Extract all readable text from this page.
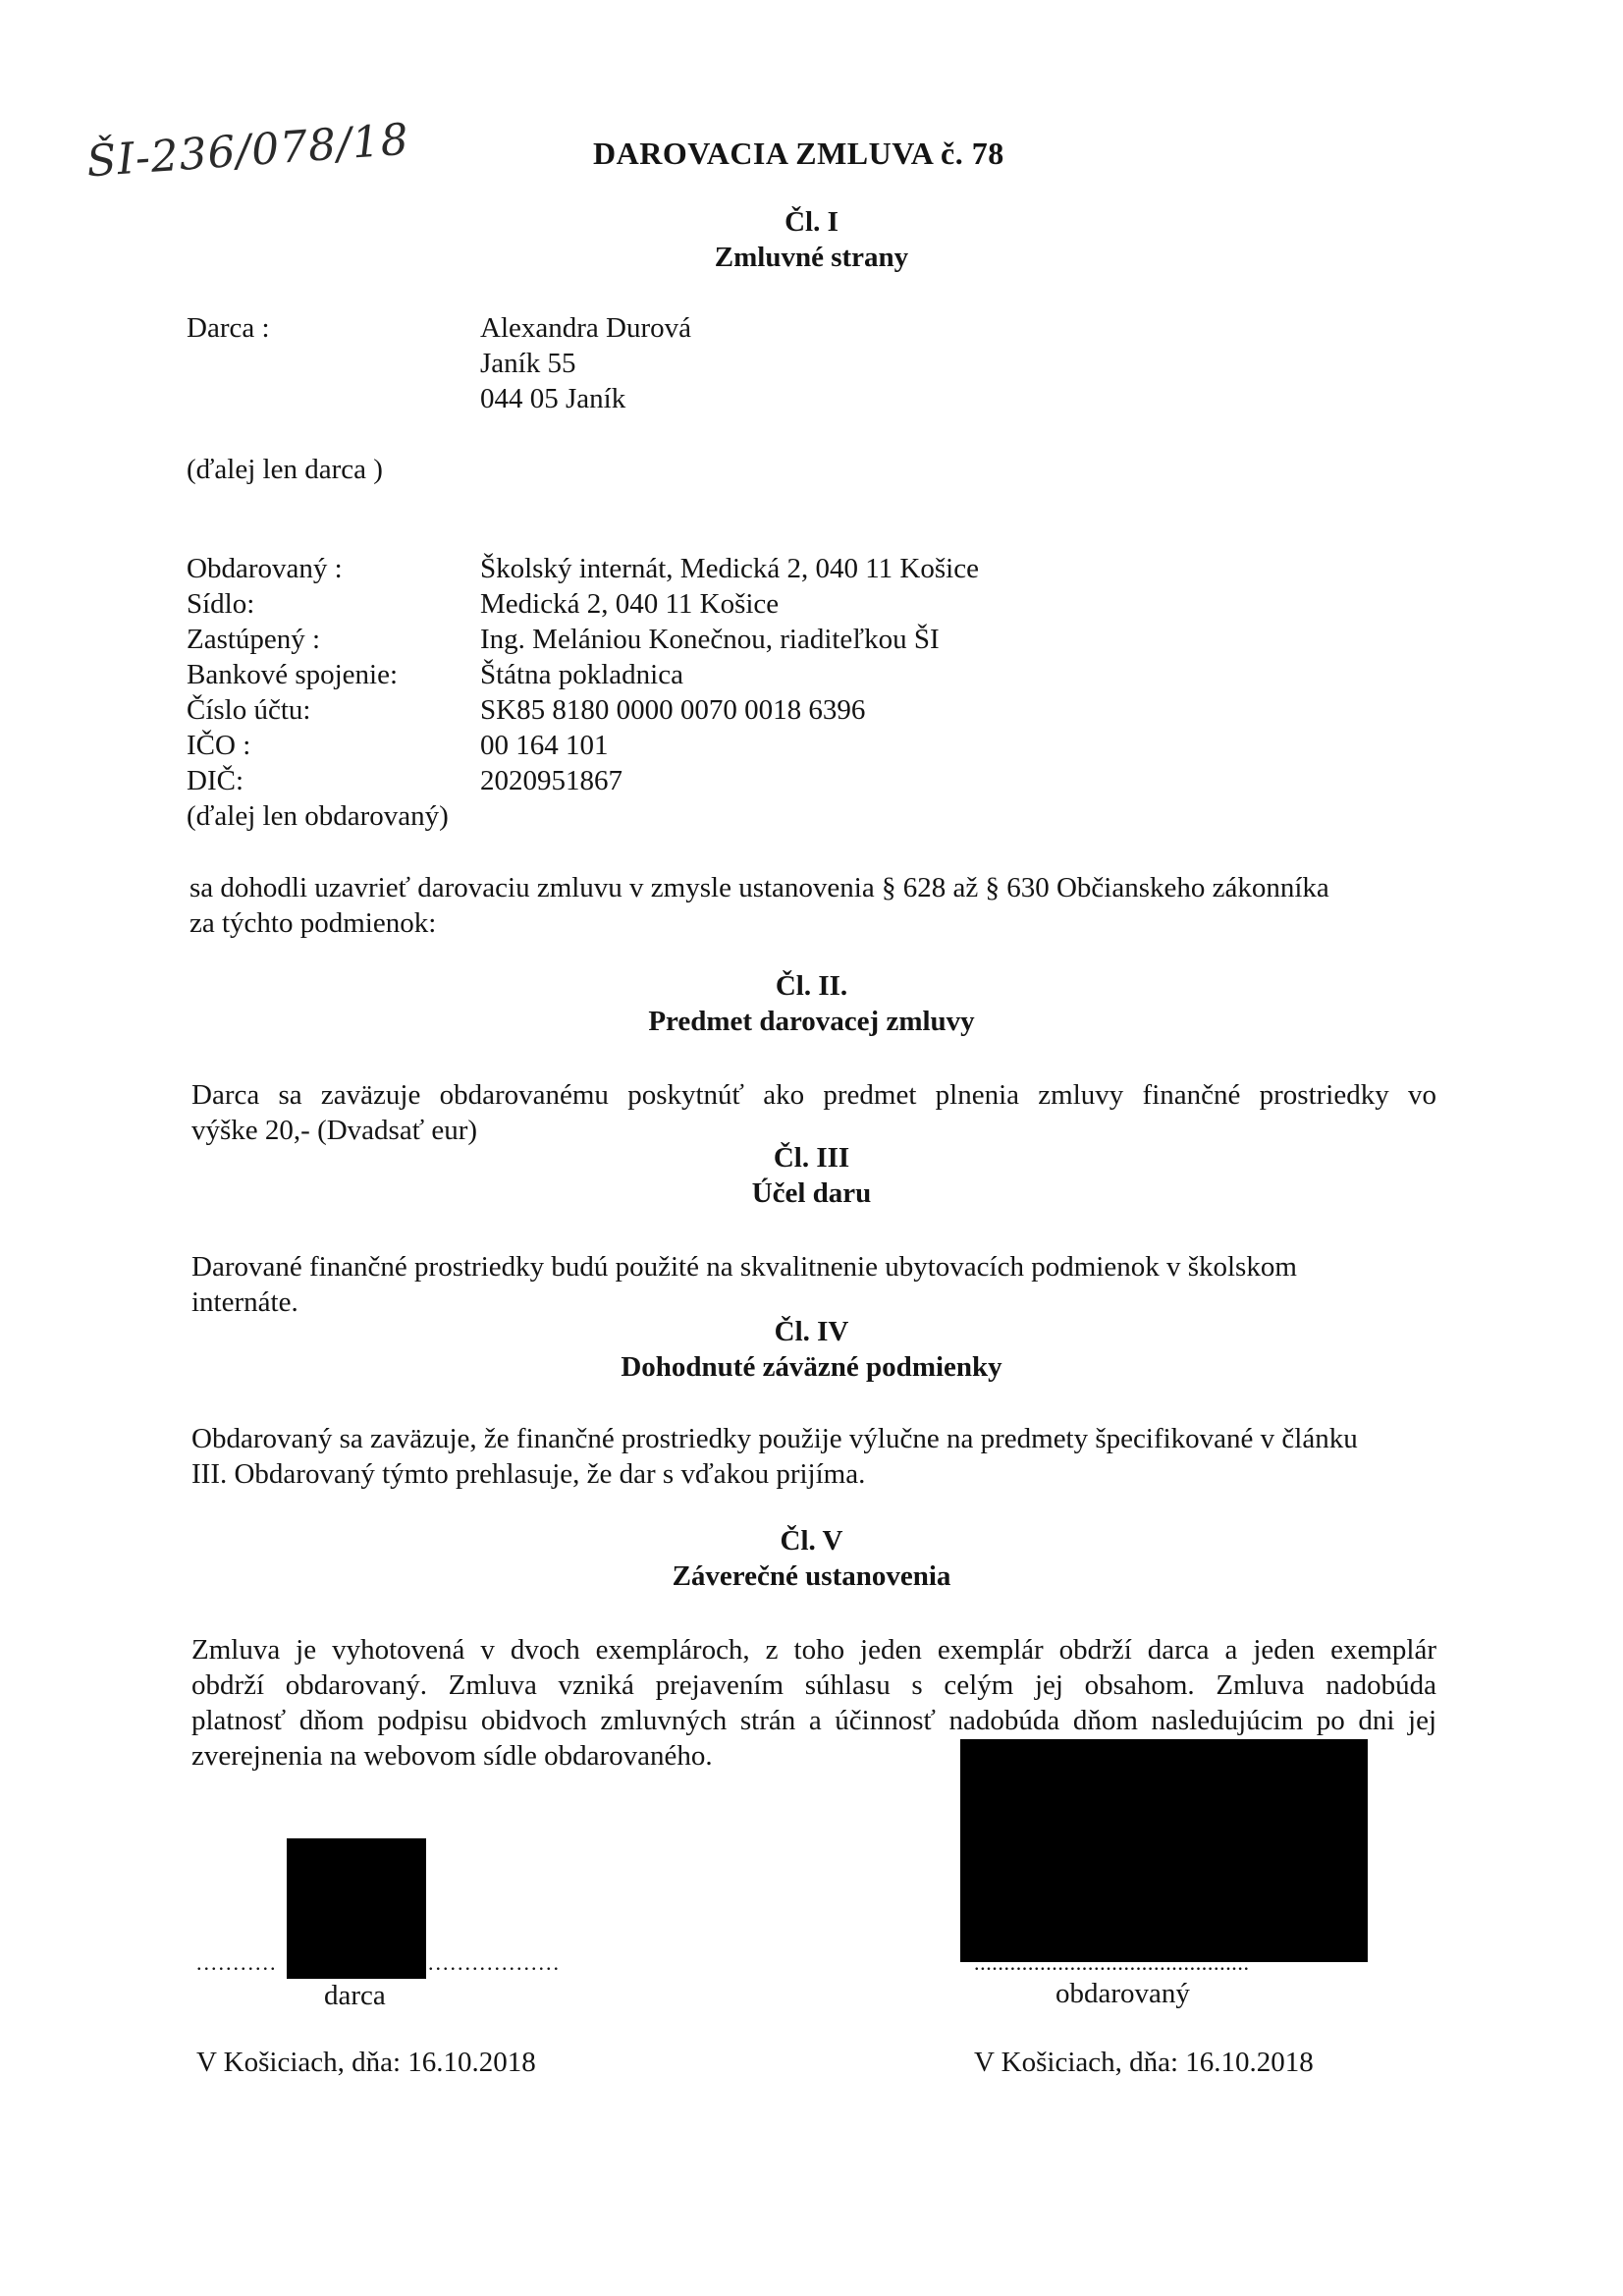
ŠI-236/078/18	DAROVACIA ZMLUVA č. 78
Čl. I
Zmluvné strany
Darca :	Alexandra Durová
Janík 55
044 05 Janík
(ďalej len darca )
Obdarovaný :	Školský internát, Medická 2, 040 11 Košice
Sídlo:	Medická 2, 040 11 Košice
Zastúpený :	Ing. Melániou Konečnou, riaditeľkou ŠI
Bankové spojenie:	Štátna pokladnica
Číslo účtu:	SK85 8180 0000 0070 0018 6396
IČO :	00 164 101
DIČ:	2020951867
(ďalej len obdarovaný)
sa dohodli uzavrieť darovaciu zmluvu v zmysle ustanovenia § 628 až § 630 Občianskeho zákonníka
za týchto podmienok:
Čl. II.
Predmet darovacej zmluvy
Darca sa zaväzuje obdarovanému poskytnúť ako predmet plnenia zmluvy finančné prostriedky vo
výške 20,- (Dvadsať eur)
Čl. III
Účel daru
Darované finančné prostriedky budú použité na skvalitnenie ubytovacích podmienok v školskom
internáte.
Čl. IV
Dohodnuté záväzné podmienky
Obdarovaný sa zaväzuje, že finančné prostriedky použije výlučne na predmety špecifikované v článku
III. Obdarovaný týmto prehlasuje, že dar s vďakou prijíma.
Čl. V
Záverečné ustanovenia
Zmluva je vyhotovená v dvoch exemplároch, z toho jeden exemplár obdrží darca a jeden exemplár
obdrží obdarovaný. Zmluva vzniká prejavením súhlasu s celým jej obsahom. Zmluva nadobúda
platnosť dňom podpisu obidvoch zmluvných strán a účinnosť nadobúda dňom nasledujúcim po dni jej
zverejnenia na webovom sídle obdarovaného.
...........	..................
darca
..............................................
obdarovaný
V Košiciach, dňa: 16.10.2018	V Košiciach, dňa: 16.10.2018
